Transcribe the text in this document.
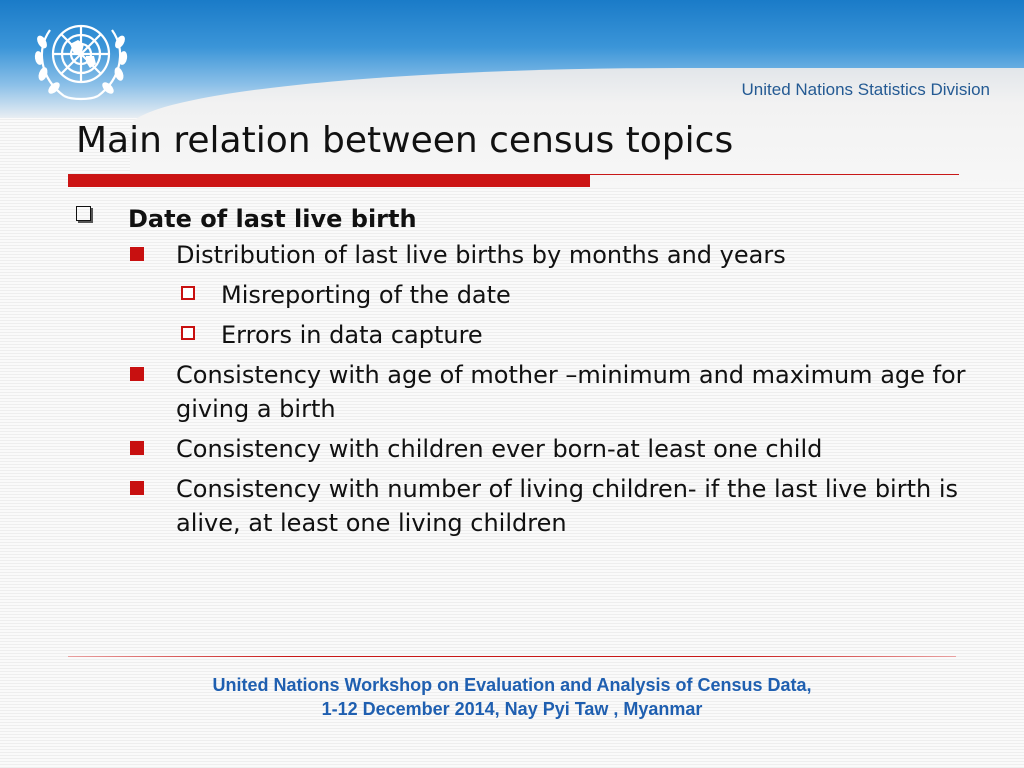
United Nations Statistics Division
Main relation between census topics
Date of last live birth
Distribution of last live births by months and years
Misreporting of the date
Errors in data capture
Consistency with age of mother –minimum and maximum age for giving a birth
Consistency with children ever born-at least one child
Consistency with number of living children- if the last live birth is alive, at least one living children
United Nations Workshop on Evaluation and Analysis of Census Data,
1-12 December 2014, Nay Pyi Taw , Myanmar
